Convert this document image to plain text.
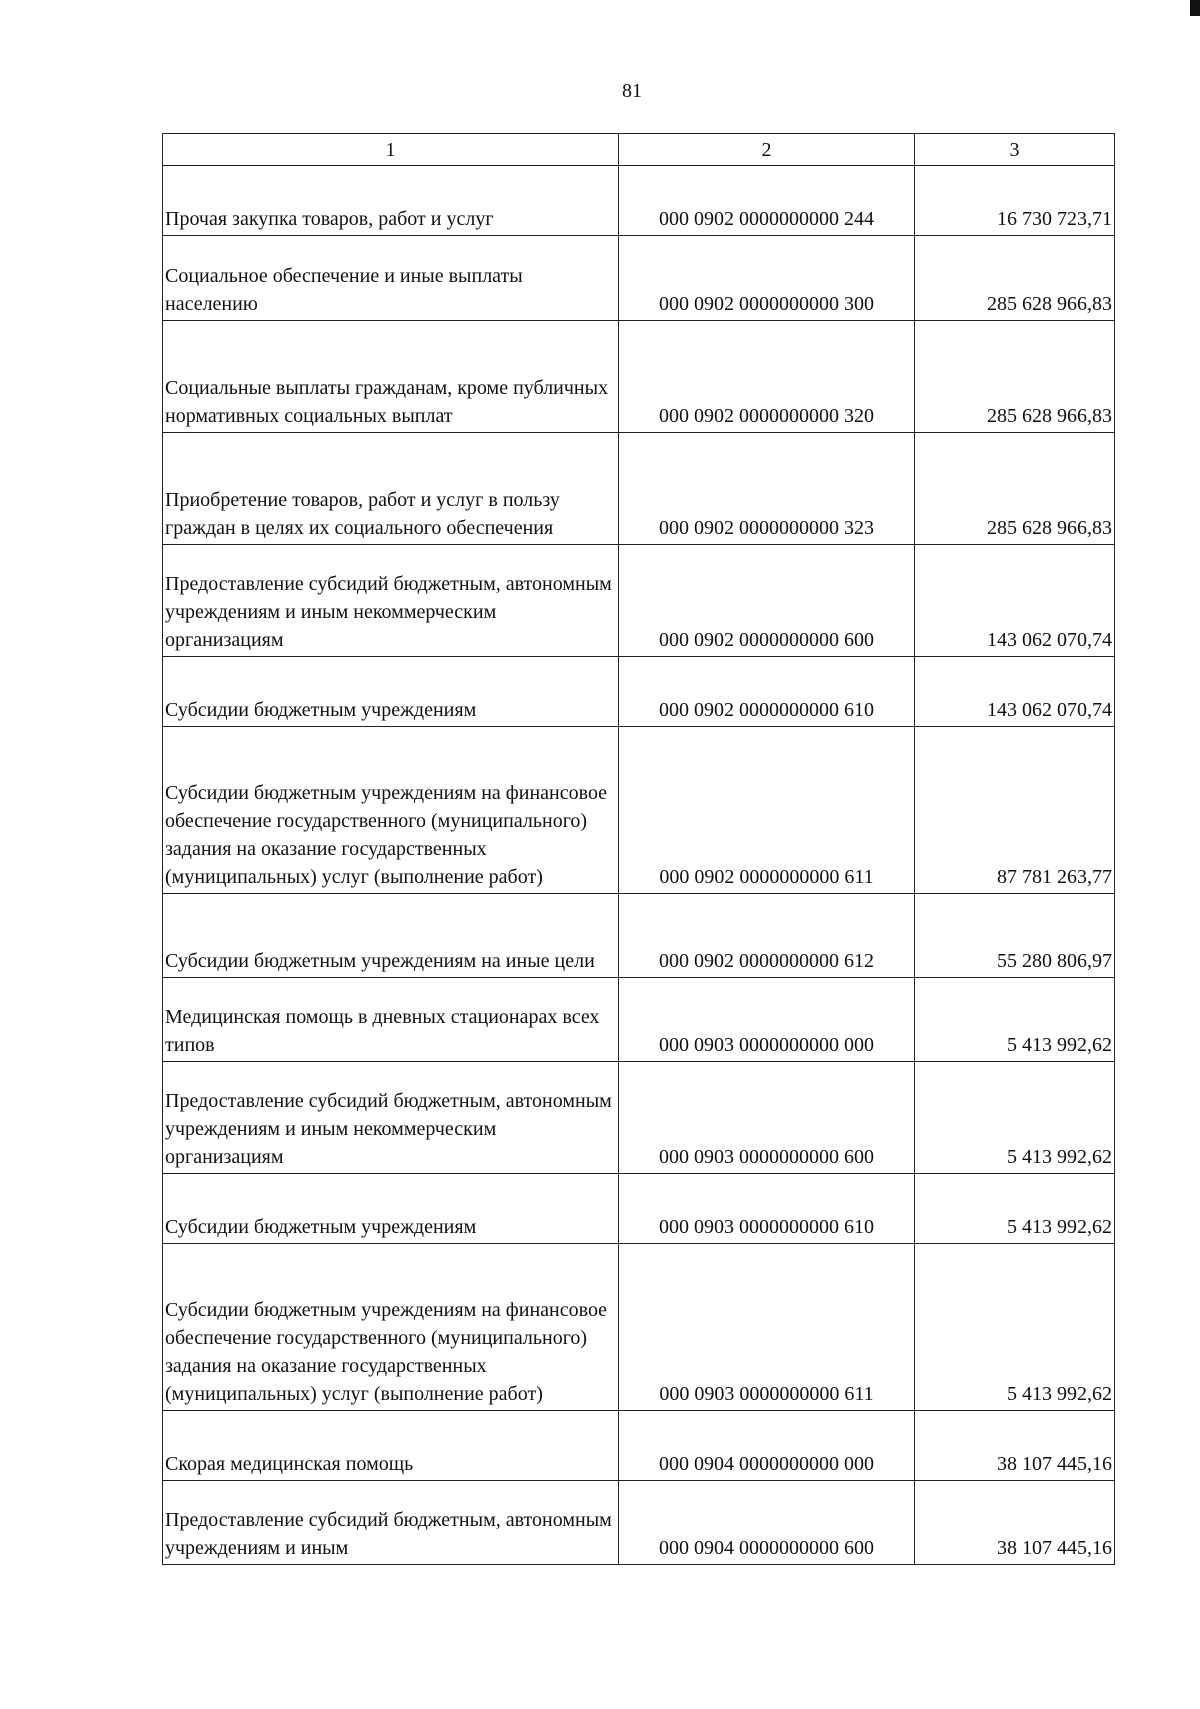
81
1	2	3
Прочая закупка товаров, работ и услуг	000 0902 0000000000 244	16 730 723,71
Социальное обеспечение и иные выплаты населению	000 0902 0000000000 300	285 628 966,83
Социальные выплаты гражданам, кроме публичных нормативных социальных выплат	000 0902 0000000000 320	285 628 966,83
Приобретение товаров, работ и услуг в пользу граждан в целях их социального обеспечения	000 0902 0000000000 323	285 628 966,83
Предоставление субсидий бюджетным, автономным учреждениям и иным некоммерческим организациям	000 0902 0000000000 600	143 062 070,74
Субсидии бюджетным учреждениям	000 0902 0000000000 610	143 062 070,74
Субсидии бюджетным учреждениям на финансовое обеспечение государственного (муниципального) задания на оказание государственных (муниципальных) услуг (выполнение работ)	000 0902 0000000000 611	87 781 263,77
Субсидии бюджетным учреждениям на иные цели	000 0902 0000000000 612	55 280 806,97
Медицинская помощь в дневных стационарах всех типов	000 0903 0000000000 000	5 413 992,62
Предоставление субсидий бюджетным, автономным учреждениям и иным некоммерческим организациям	000 0903 0000000000 600	5 413 992,62
Субсидии бюджетным учреждениям	000 0903 0000000000 610	5 413 992,62
Субсидии бюджетным учреждениям на финансовое обеспечение государственного (муниципального) задания на оказание государственных (муниципальных) услуг (выполнение работ)	000 0903 0000000000 611	5 413 992,62
Скорая медицинская помощь	000 0904 0000000000 000	38 107 445,16
Предоставление субсидий бюджетным, автономным учреждениям и иным	000 0904 0000000000 600	38 107 445,16
